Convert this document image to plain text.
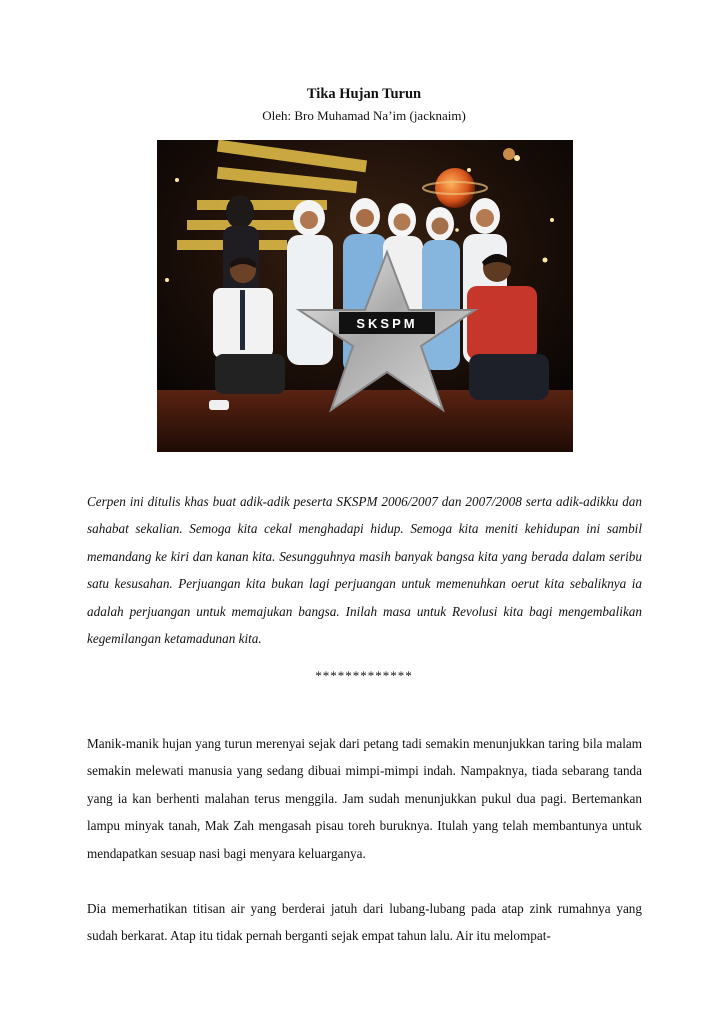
Tika Hujan Turun

Oleh: Bro Muhamad Na’im (jacknaim)

SKSPM

Cerpen ini ditulis khas buat adik-adik peserta SKSPM 2006/2007 dan 2007/2008 serta adik-adikku dan sahabat sekalian. Semoga kita cekal menghadapi hidup. Semoga kita meniti kehidupan ini sambil memandang ke kiri dan kanan kita. Sesungguhnya masih banyak bangsa kita yang berada dalam seribu satu kesusahan. Perjuangan kita bukan lagi perjuangan untuk memenuhkan oerut kita sebaliknya ia adalah perjuangan untuk memajukan bangsa. Inilah masa untuk Revolusi kita bagi mengembalikan kegemilangan ketamadunan kita.

*************

Manik-manik hujan yang turun merenyai sejak dari petang tadi semakin menunjukkan taring bila malam semakin melewati manusia yang sedang dibuai mimpi-mimpi indah. Nampaknya, tiada sebarang tanda yang ia kan berhenti malahan terus menggila. Jam sudah menunjukkan pukul dua pagi. Bertemankan lampu minyak tanah, Mak Zah mengasah pisau toreh buruknya. Itulah yang telah membantunya untuk mendapatkan sesuap nasi bagi menyara keluarganya.

Dia memerhatikan titisan air yang berderai jatuh dari lubang-lubang pada atap zink rumahnya yang sudah berkarat. Atap itu tidak pernah berganti sejak empat tahun lalu. Air itu melompat-
